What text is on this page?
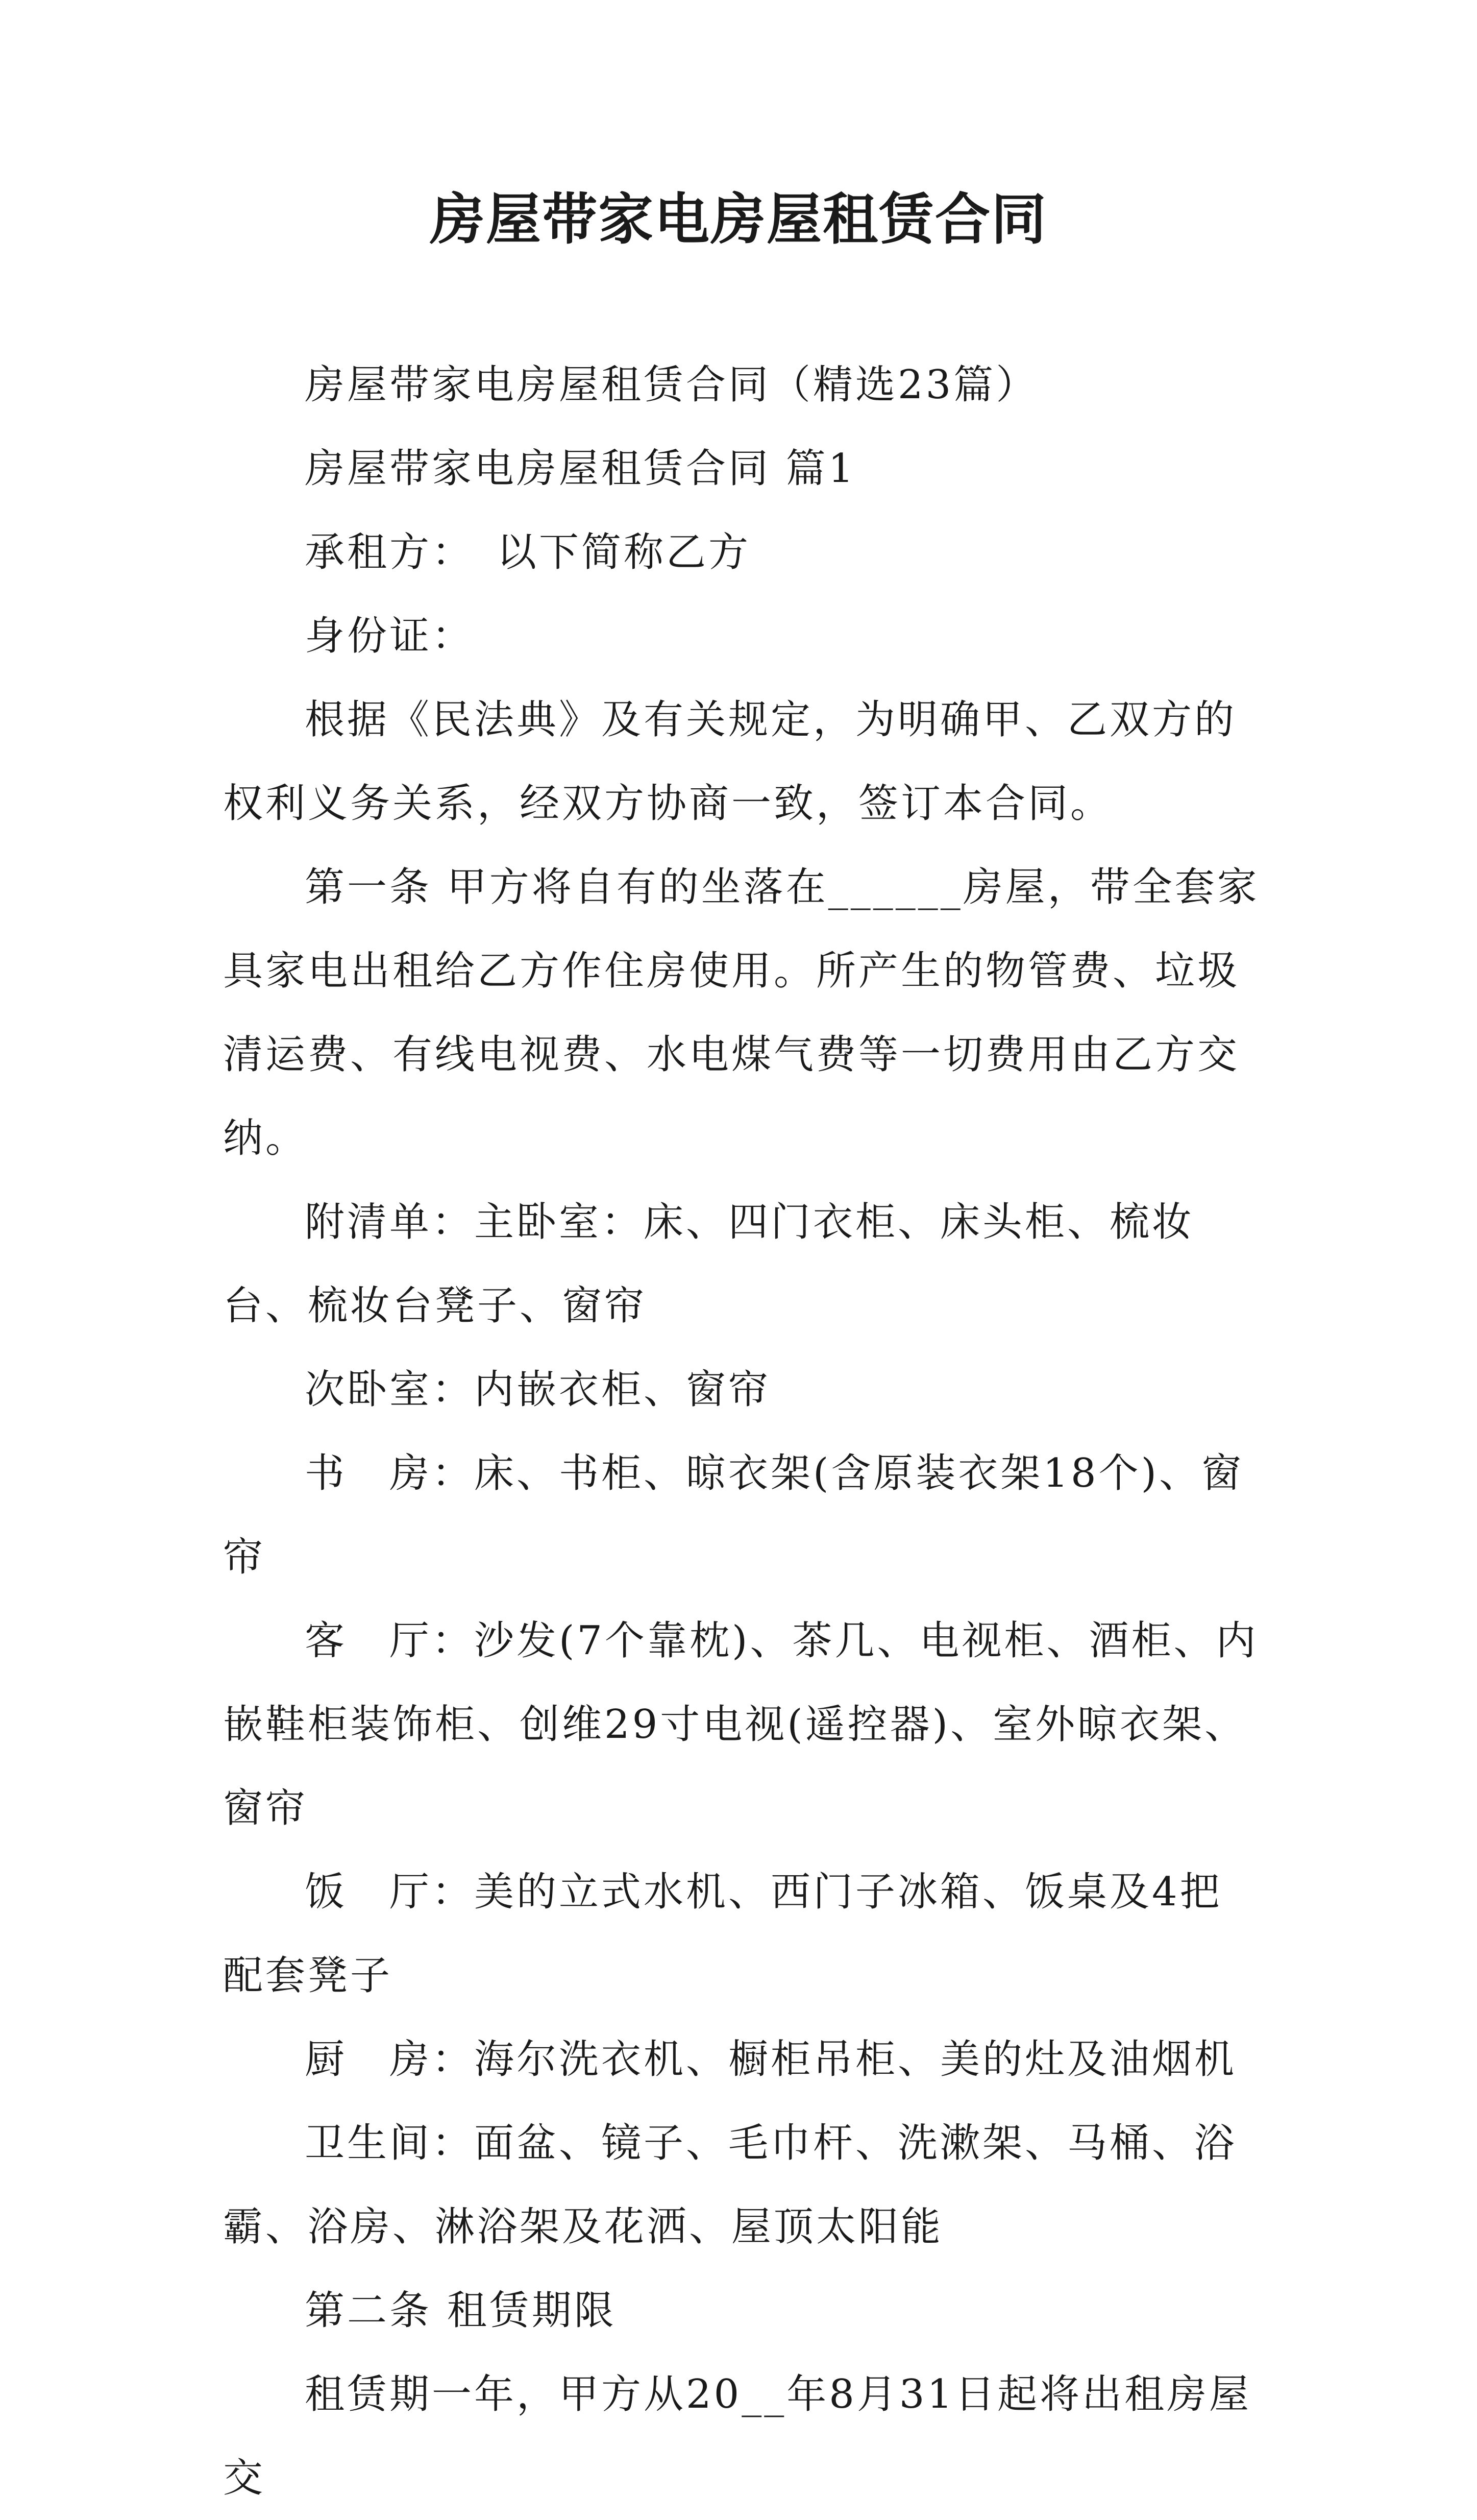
房屋带家电房屋租赁合同

房屋带家电房屋租赁合同（精选23篇）

房屋带家电房屋租赁合同 篇1

承租方：　以下简称乙方

身份证：

根据《民法典》及有关规定，为明确甲、乙双方的权利义务关系，经双方协商一致，签订本合同。

第一条 甲方将自有的坐落在______房屋，带全套家具家电出租给乙方作住房使用。所产生的物管费、垃圾清运费、有线电视费、水电煤气费等一切费用由乙方交纳。

附清单：主卧室：床、四门衣柜、床头柜、梳妆台、梳妆台凳子、窗帘

次卧室：内嵌衣柜、窗帘

书　房：床、书柜、晾衣架(含原装衣架18个)、窗帘

客　厅：沙发(7个靠枕)、茶几、电视柜、酒柜、内嵌鞋柜装饰柜、创维29寸电视(遥控器)、室外晾衣架、窗帘

饭　厅：美的立式水机、西门子冰箱、饭桌及4把配套凳子

厨　房：海尔洗衣机、橱柜吊柜、美的灶及油烟机

卫生间：面盆、镜子、毛巾杆、洗漱架、马桶、浴霸、浴房、淋浴架及花洒、屋顶太阳能

第二条 租赁期限

租赁期一年，甲方从20__年8月31日起将出租房屋交
